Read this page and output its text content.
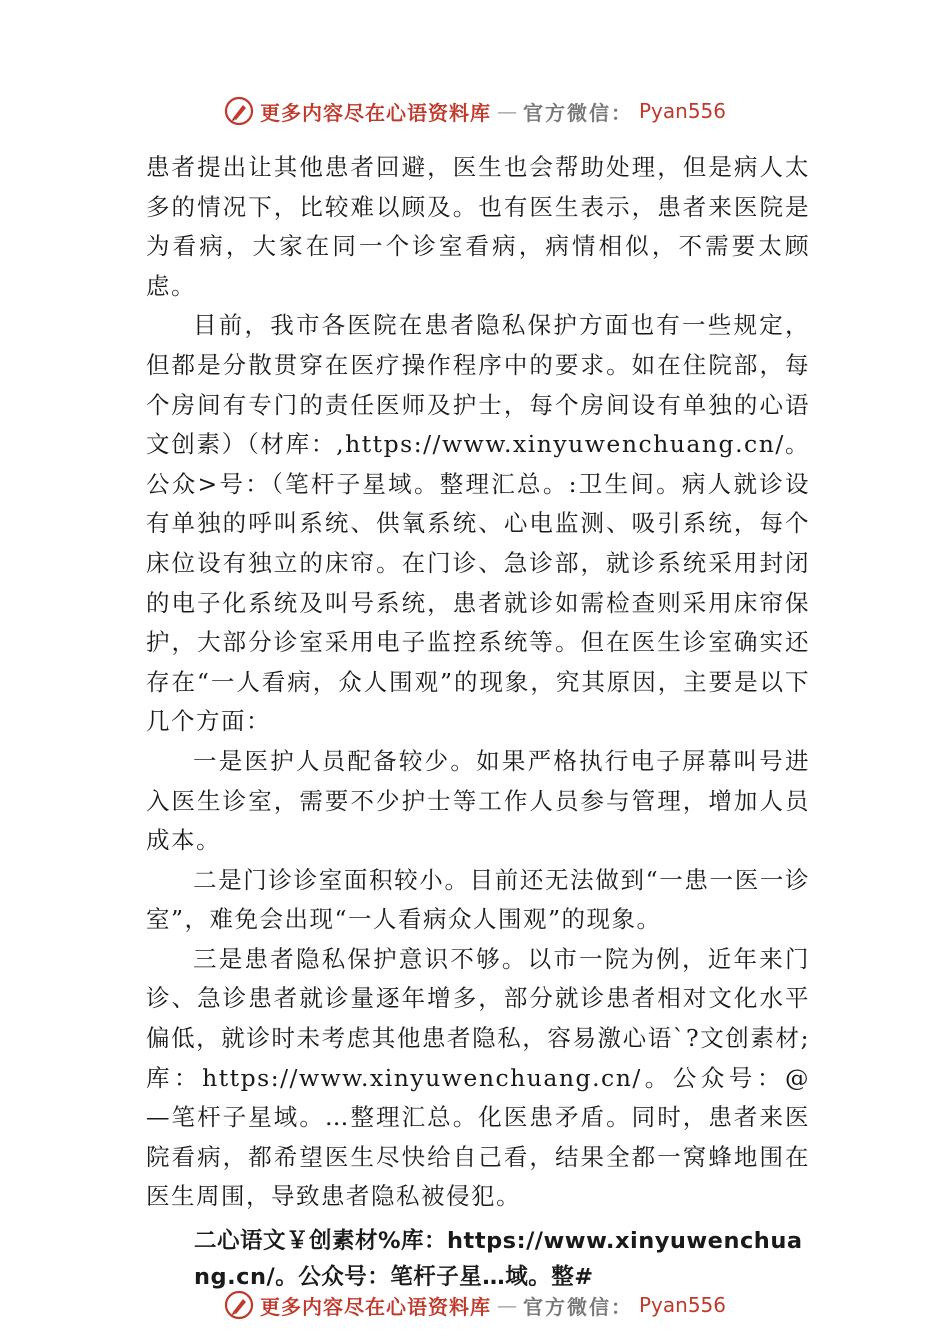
更多内容尽在心语资料库 — 官方微信： Pyan556

患者提出让其他患者回避，医生也会帮助处理，但是病人太多的情况下，比较难以顾及。也有医生表示，患者来医院是为看病，大家在同一个诊室看病，病情相似，不需要太顾虑。

目前，我市各医院在患者隐私保护方面也有一些规定，但都是分散贯穿在医疗操作程序中的要求。如在住院部，每个房间有专门的责任医师及护士，每个房间设有单独的心语文创素）（材库：,https://www.xinyuwenchuang.cn/。公众>号：（笔杆子星域。整理汇总。:卫生间。病人就诊设有单独的呼叫系统、供氧系统、心电监测、吸引系统，每个床位设有独立的床帘。在门诊、急诊部，就诊系统采用封闭的电子化系统及叫号系统，患者就诊如需检查则采用床帘保护，大部分诊室采用电子监控系统等。但在医生诊室确实还存在“一人看病，众人围观”的现象，究其原因，主要是以下几个方面：

一是医护人员配备较少。如果严格执行电子屏幕叫号进入医生诊室，需要不少护士等工作人员参与管理，增加人员成本。

二是门诊诊室面积较小。目前还无法做到“一患一医一诊室”，难免会出现“一人看病众人围观”的现象。

三是患者隐私保护意识不够。以市一院为例，近年来门诊、急诊患者就诊量逐年增多，部分就诊患者相对文化水平偏低，就诊时未考虑其他患者隐私，容易激心语`?文创素材;库：https://www.xinyuwenchuang.cn/。公众号：@—笔杆子星域。…整理汇总。化医患矛盾。同时，患者来医院看病，都希望医生尽快给自己看，结果全都一窝蜂地围在医生周围，导致患者隐私被侵犯。

二心语文￥创素材%库：https://www.xinyuwenchuang.cn/。公众号：笔杆子星…域。整#

更多内容尽在心语资料库 — 官方微信： Pyan556
